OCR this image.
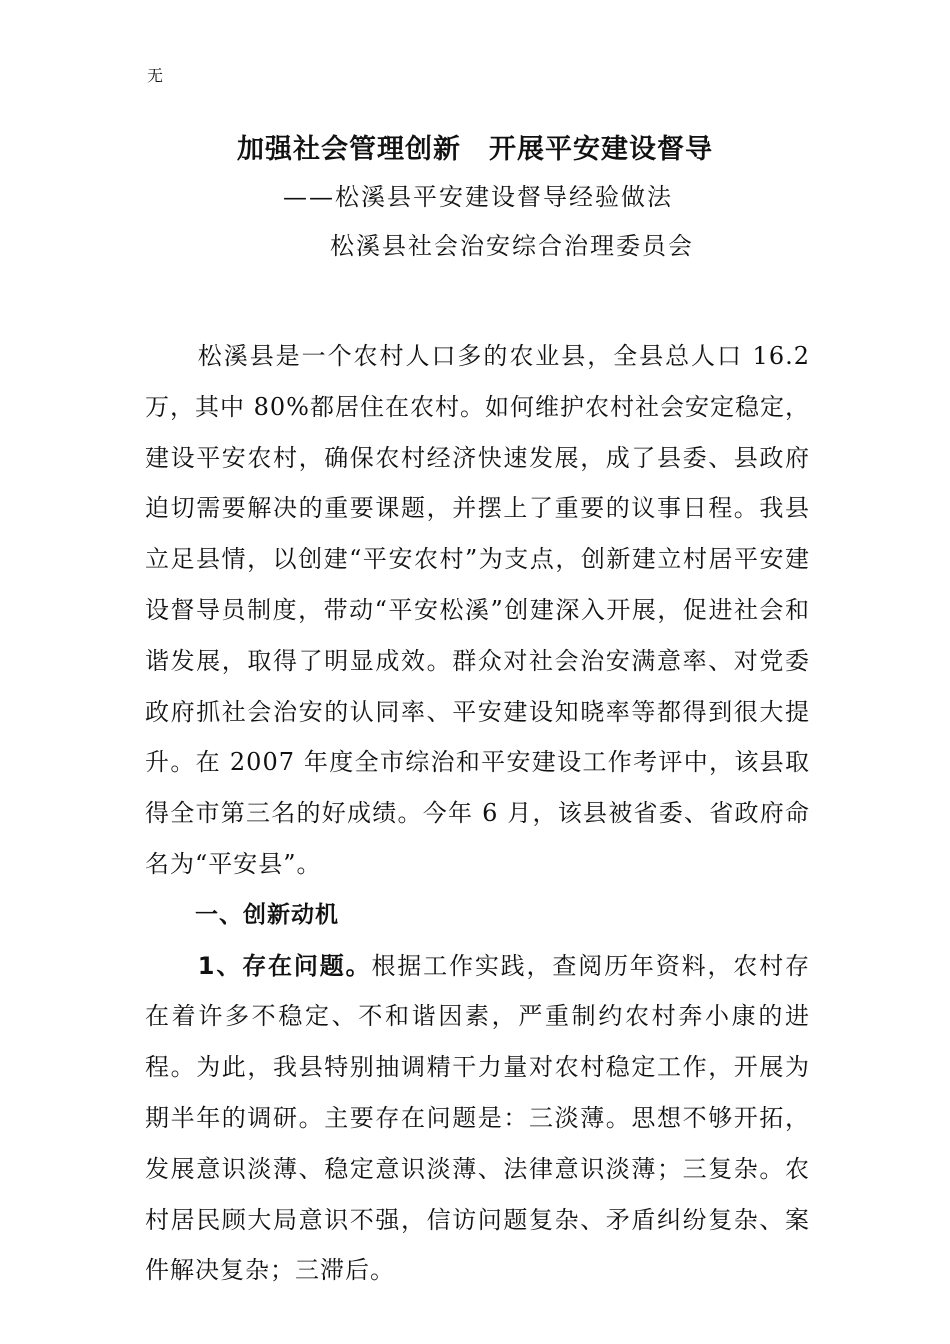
无
加强社会管理创新　开展平安建设督导
——松溪县平安建设督导经验做法
松溪县社会治安综合治理委员会

松溪县是一个农村人口多的农业县，全县总人口 16.2 万，其中 80%都居住在农村。如何维护农村社会安定稳定，建设平安农村，确保农村经济快速发展，成了县委、县政府迫切需要解决的重要课题，并摆上了重要的议事日程。我县立足县情，以创建“平安农村”为支点，创新建立村居平安建设督导员制度，带动“平安松溪”创建深入开展，促进社会和谐发展，取得了明显成效。群众对社会治安满意率、对党委政府抓社会治安的认同率、平安建设知晓率等都得到很大提升。在 2007 年度全市综治和平安建设工作考评中，该县取得全市第三名的好成绩。今年 6 月，该县被省委、省政府命名为“平安县”。

一、创新动机

1、存在问题。根据工作实践，查阅历年资料，农村存在着许多不稳定、不和谐因素，严重制约农村奔小康的进程。为此，我县特别抽调精干力量对农村稳定工作，开展为期半年的调研。主要存在问题是：三淡薄。思想不够开拓，发展意识淡薄、稳定意识淡薄、法律意识淡薄；三复杂。农村居民顾大局意识不强，信访问题复杂、矛盾纠纷复杂、案件解决复杂；三滞后。
